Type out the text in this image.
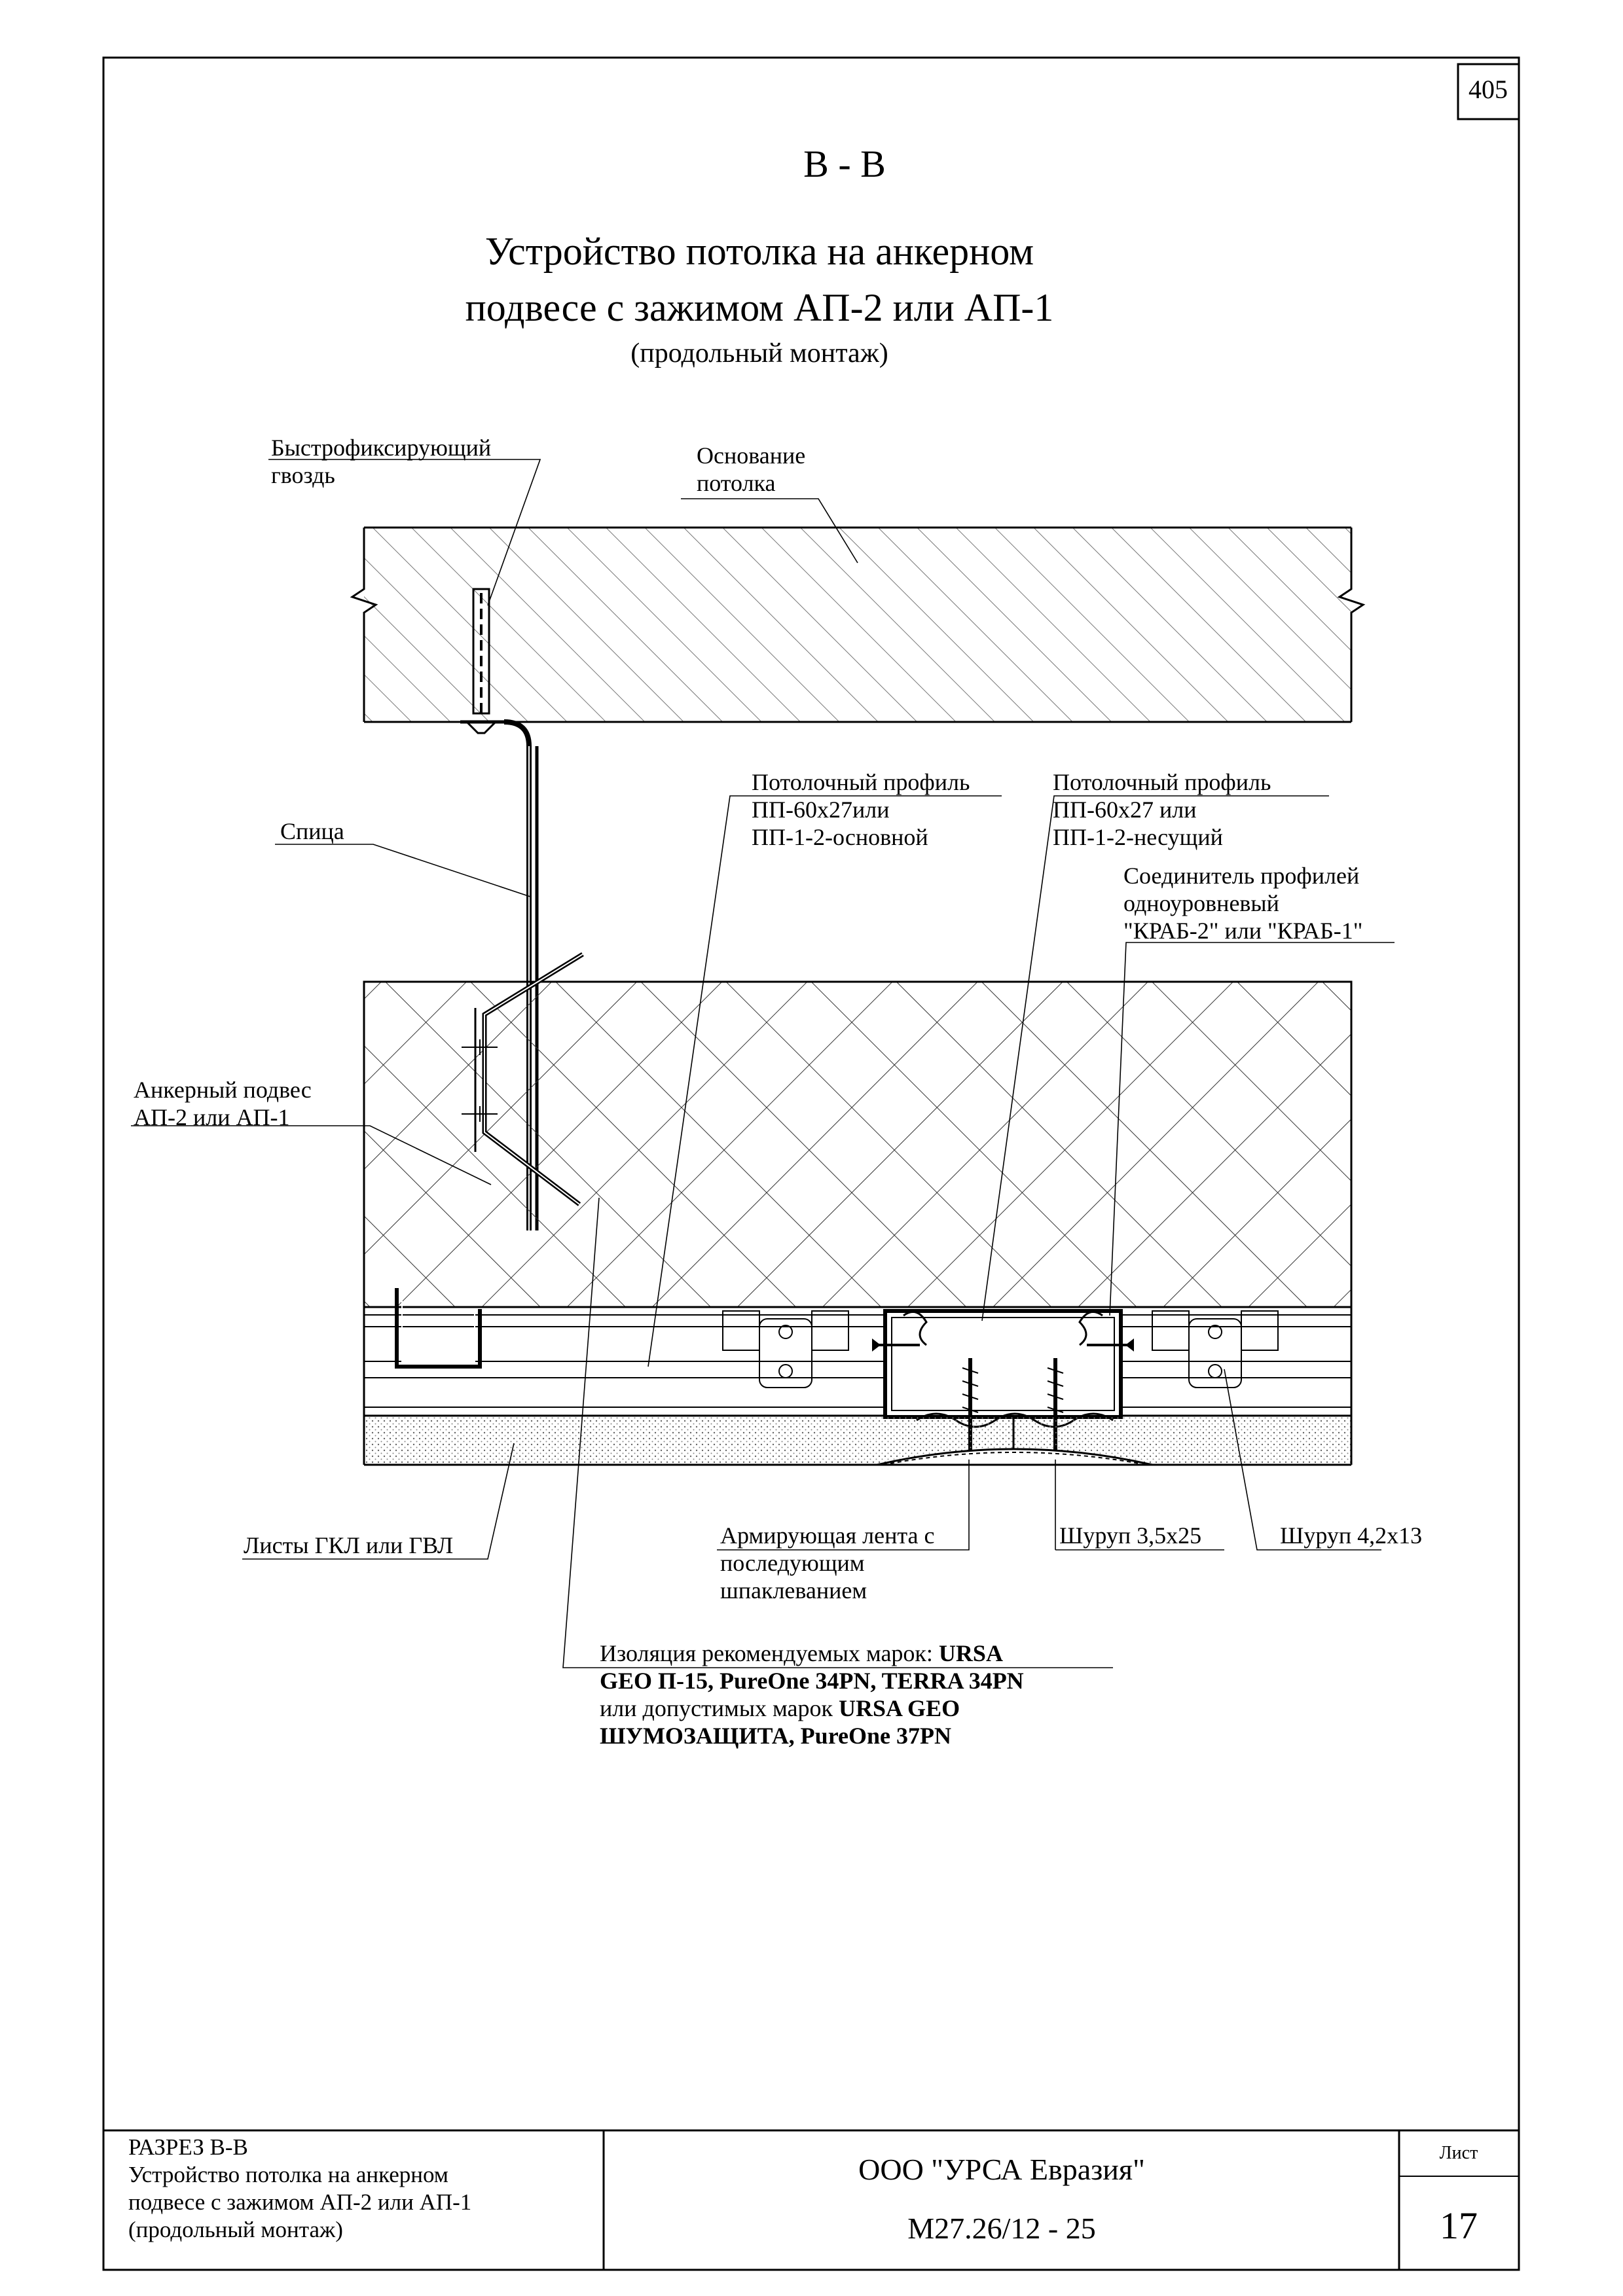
405
В - В
Устройство потолка на анкерном
подвесе с зажимом АП-2 или АП-1
(продольный монтаж)
Быстрофиксирующий
гвоздь
Основание
потолка
Спица
Потолочный профиль
ПП-60х27или
ПП-1-2-основной
Потолочный профиль
ПП-60х27 или
ПП-1-2-несущий
Соединитель профилей
одноуровневый
"КРАБ-2" или "КРАБ-1"
Анкерный подвес
АП-2 или АП-1
Листы ГКЛ или ГВЛ	Армирующая лента с
последующим
шпаклеванием
Шуруп 3,5х25	Шуруп 4,2х13
Изоляция рекомендуемых марок: URSA
GEO П-15, PureOne 34PN, TERRA 34PN
или допустимых марок URSA GEO
ШУМОЗАЩИТА, PureOne 37PN
РАЗРЕЗ В-В
Устройство потолка на анкерном
подвесе с зажимом АП-2 или АП-1
(продольный монтаж)
ООО "УРСА Евразия"
М27.26/12 - 25
Лист
17
